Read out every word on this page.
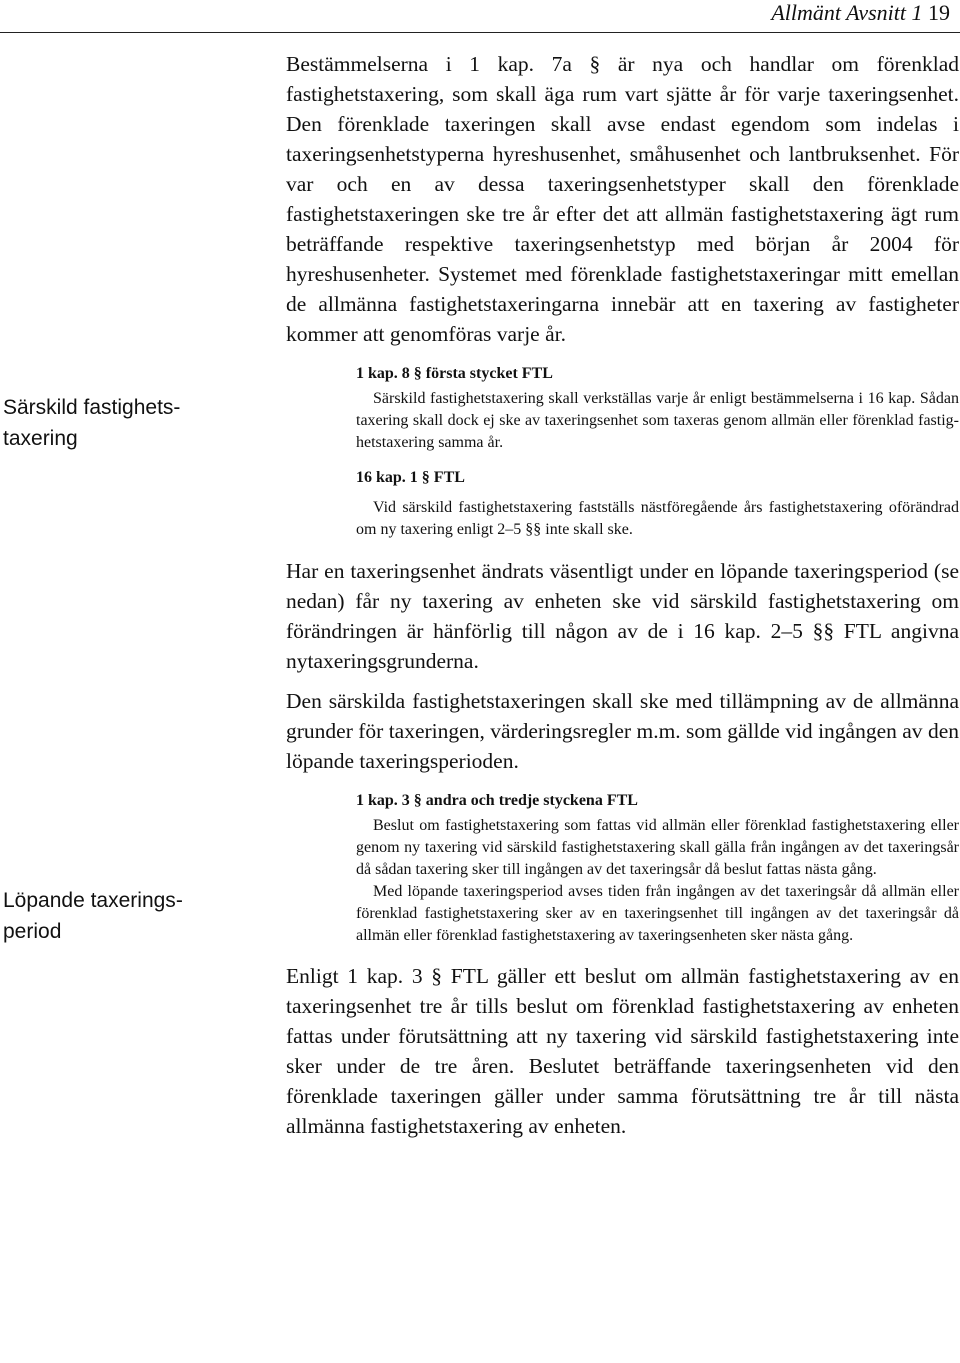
Allmänt Avsnitt 1 19
Särskild fastighetstaxering
Löpande taxeringsperiod

Bestämmelserna i 1 kap. 7a § är nya och handlar om förenklad fastighetstaxering, som skall äga rum vart sjätte år för varje taxeringsenhet. Den förenklade taxeringen skall avse endast egendom som indelas i taxeringsenhetstyperna hyreshusenhet, småhusenhet och lantbruksenhet. För var och en av dessa taxeringsenhetstyper skall den förenklade fastighetstaxeringen ske tre år efter det att allmän fastighetstaxering ägt rum beträffande respektive taxeringsenhetstyp med början år 2004 för hyreshusenheter. Systemet med förenklade fastighetstaxeringar mitt emellan de allmänna fastighetstaxeringarna innebär att en taxering av fastigheter kommer att genomföras varje år.

1 kap. 8 § första stycket FTL

Särskild fastighetstaxering skall verkställas varje år enligt bestämmelserna i 16 kap. Sådan taxering skall dock ej ske av taxeringsenhet som taxeras genom allmän eller förenklad fastighetstaxering samma år.

16 kap. 1 § FTL

Vid särskild fastighetstaxering fastställs nästföregående års fastighetstaxering oförändrad om ny taxering enligt 2–5 §§ inte skall ske.

Har en taxeringsenhet ändrats väsentligt under en löpande taxeringsperiod (se nedan) får ny taxering av enheten ske vid särskild fastighetstaxering om förändringen är hänförlig till någon av de i 16 kap. 2–5 §§ FTL angivna nytaxeringsgrunderna.

Den särskilda fastighetstaxeringen skall ske med tillämpning av de allmänna grunder för taxeringen, värderingsregler m.m. som gällde vid ingången av den löpande taxeringsperioden.

1 kap. 3 § andra och tredje styckena FTL

Beslut om fastighetstaxering som fattas vid allmän eller förenklad fastighetstaxering eller genom ny taxering vid särskild fastighetstaxering skall gälla från ingången av det taxeringsår då sådan taxering sker till ingången av det taxeringsår då beslut fattas nästa gång.

Med löpande taxeringsperiod avses tiden från ingången av det taxeringsår då allmän eller förenklad fastighetstaxering sker av en taxeringsenhet till ingången av det taxeringsår då allmän eller förenklad fastighetstaxering av taxeringsenheten sker nästa gång.

Enligt 1 kap. 3 § FTL gäller ett beslut om allmän fastighetstaxering av en taxeringsenhet tre år tills beslut om förenklad fastighetstaxering av enheten fattas under förutsättning att ny taxering vid särskild fastighetstaxering inte sker under de tre åren. Beslutet beträffande taxeringsenheten vid den förenklade taxeringen gäller under samma förutsättning tre år till nästa allmänna fastighetstaxering av enheten.
